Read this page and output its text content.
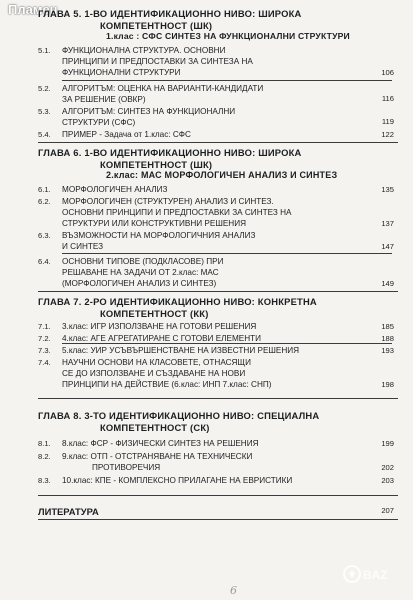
Пламен
ГЛАВА 5. 1-ВО ИДЕНТИФИКАЦИОННО НИВО: ШИРОКА
КОМПЕТЕНТНОСТ (ШК)
1.клас : СФС СИНТЕЗ НА ФУНКЦИОНАЛНИ СТРУКТУРИ
5.1. ФУНКЦИОНАЛНА СТРУКТУРА. ОСНОВНИ
ПРИНЦИПИ И ПРЕДПОСТАВКИ ЗА СИНТЕЗА НА
ФУНКЦИОНАЛНИ СТРУКТУРИ	106
5.2. АЛГОРИТЪМ: ОЦЕНКА НА ВАРИАНТИ-КАНДИДАТИ
ЗА РЕШЕНИЕ (ОВКР)	116
5.3. АЛГОРИТЪМ: СИНТЕЗ НА ФУНКЦИОНАЛНИ
СТРУКТУРИ (СФС)	119
5.4. ПРИМЕР - Задача от 1.клас: СФС	122
ГЛАВА 6. 1-ВО ИДЕНТИФИКАЦИОННО НИВО: ШИРОКА
КОМПЕТЕНТНОСТ (ШК)
2.клас: МАС МОРФОЛОГИЧЕН АНАЛИЗ И СИНТЕЗ
6.1. МОРФОЛОГИЧЕН АНАЛИЗ	135
6.2. МОРФОЛОГИЧЕН (СТРУКТУРЕН) АНАЛИЗ И СИНТЕЗ.
ОСНОВНИ ПРИНЦИПИ И ПРЕДПОСТАВКИ ЗА СИНТЕЗ НА
СТРУКТУРИ ИЛИ КОНСТРУКТИВНИ РЕШЕНИЯ	137
6.3. ВЪЗМОЖНОСТИ НА МОРФОЛОГИЧНИЯ АНАЛИЗ
И СИНТЕЗ	147
6.4. ОСНОВНИ ТИПОВЕ (ПОДКЛАСОВЕ) ПРИ
РЕШАВАНЕ НА ЗАДАЧИ ОТ 2.клас: МАС
(МОРФОЛОГИЧЕН АНАЛИЗ И СИНТЕЗ)	149
ГЛАВА 7. 2-РО ИДЕНТИФИКАЦИОННО НИВО: КОНКРЕТНА
КОМПЕТЕНТНОСТ (КК)
7.1. 3.клас: ИГР ИЗПОЛЗВАНЕ НА ГОТОВИ РЕШЕНИЯ	185
7.2. 4.клас: АГЕ АГРЕГАТИРАНЕ С ГОТОВИ ЕЛЕМЕНТИ	188
7.3. 5.клас: УИР УСЪВЪРШЕНСТВАНЕ НА ИЗВЕСТНИ РЕШЕНИЯ	193
7.4. НАУЧНИ ОСНОВИ НА КЛАСОВЕТЕ, ОТНАСЯЩИ
СЕ ДО ИЗПОЛЗВАНЕ И СЪЗДАВАНЕ НА НОВИ
ПРИНЦИПИ НА ДЕЙСТВИЕ (6.клас: ИНП 7.клас: СНП)	198
ГЛАВА 8. 3-ТО ИДЕНТИФИКАЦИОННО НИВО: СПЕЦИАЛНА
КОМПЕТЕНТНОСТ (СК)
8.1. 8.клас: ФСР - ФИЗИЧЕСКИ СИНТЕЗ НА РЕШЕНИЯ	199
8.2. 9.клас: ОТП - ОТСТРАНЯВАНЕ НА ТЕХНИЧЕСКИ
ПРОТИВОРЕЧИЯ	202
8.3. 10.клас: КПЕ - КОМПЛЕКСНО ПРИЛАГАНЕ НА ЕВРИСТИКИ	203
ЛИТЕРАТУРА	207
6
BAZ
